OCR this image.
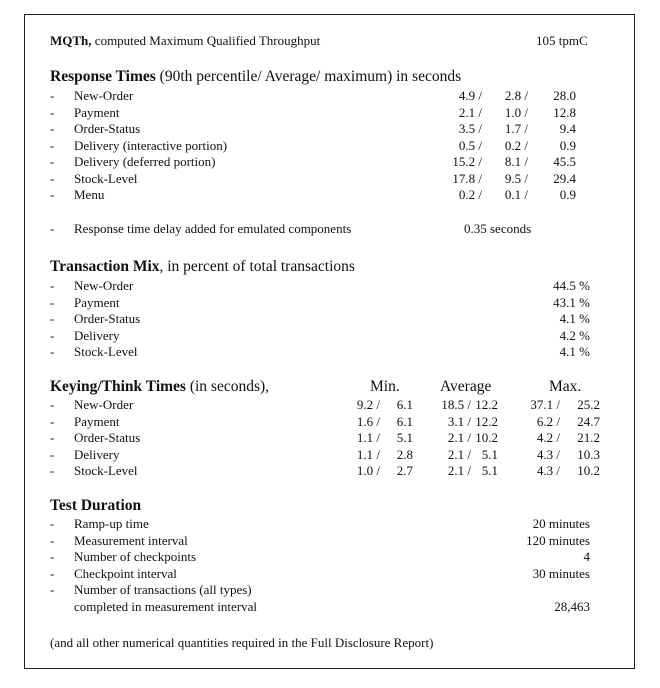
MQTh, computed Maximum Qualified Throughput	105 tpmC
Response Times (90th percentile/ Average/ maximum) in seconds
- New-Order	4.9 /	2.8 /	28.0
- Payment	2.1 /	1.0 /	12.8
- Order-Status	3.5 /	1.7 /	9.4
- Delivery (interactive portion)	0.5 /	0.2 /	0.9
- Delivery (deferred portion)	15.2 /	8.1 /	45.5
- Stock-Level	17.8 /	9.5 /	29.4
- Menu	0.2 /	0.1 /	0.9
- Response time delay added for emulated components	0.35 seconds
Transaction Mix, in percent of total transactions
- New-Order	44.5 %
- Payment	43.1 %
- Order-Status	4.1 %
- Delivery	4.2 %
- Stock-Level	4.1 %
Keying/Think Times (in seconds),	Min.	Average	Max.
- New-Order	9.2 /	6.1	18.5 / 12.2	37.1 /	25.2
- Payment	1.6 /	6.1	3.1 / 12.2	6.2 /	24.7
- Order-Status	1.1 /	5.1	2.1 / 10.2	4.2 /	21.2
- Delivery	1.1 /	2.8	2.1 / 5.1	4.3 /	10.3
- Stock-Level	1.0 /	2.7	2.1 / 5.1	4.3 /	10.2
Test Duration
- Ramp-up time	20 minutes
- Measurement interval	120 minutes
- Number of checkpoints	4
- Checkpoint interval	30 minutes
- Number of transactions (all types)
completed in measurement interval	28,463
(and all other numerical quantities required in the Full Disclosure Report)
